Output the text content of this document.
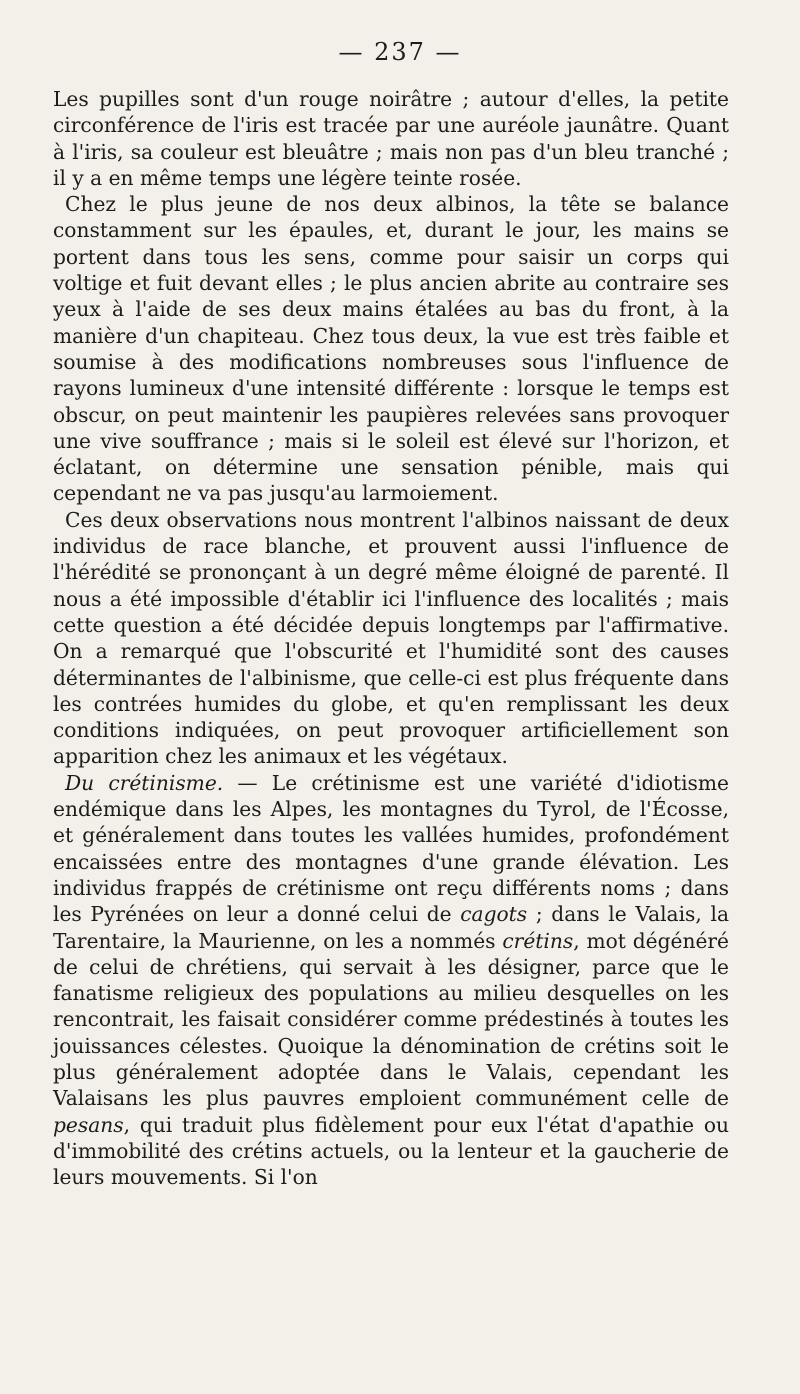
— 237 —

Les pupilles sont d'un rouge noirâtre ; autour d'elles, la petite circonférence de l'iris est tracée par une auréole jaunâtre. Quant à l'iris, sa couleur est bleuâtre ; mais non pas d'un bleu tranché ; il y a en même temps une légère teinte rosée.

Chez le plus jeune de nos deux albinos, la tête se balance constamment sur les épaules, et, durant le jour, les mains se portent dans tous les sens, comme pour saisir un corps qui voltige et fuit devant elles ; le plus ancien abrite au contraire ses yeux à l'aide de ses deux mains étalées au bas du front, à la manière d'un chapiteau. Chez tous deux, la vue est très faible et soumise à des modifications nombreuses sous l'influence de rayons lumineux d'une intensité différente : lorsque le temps est obscur, on peut maintenir les paupières relevées sans provoquer une vive souffrance ; mais si le soleil est élevé sur l'horizon, et éclatant, on détermine une sensation pénible, mais qui cependant ne va pas jusqu'au larmoiement.

Ces deux observations nous montrent l'albinos naissant de deux individus de race blanche, et prouvent aussi l'influence de l'hérédité se prononçant à un degré même éloigné de parenté. Il nous a été impossible d'établir ici l'influence des localités ; mais cette question a été décidée depuis longtemps par l'affirmative. On a remarqué que l'obscurité et l'humidité sont des causes déterminantes de l'albinisme, que celle-ci est plus fréquente dans les contrées humides du globe, et qu'en remplissant les deux conditions indiquées, on peut provoquer artificiellement son apparition chez les animaux et les végétaux.

Du crétinisme. — Le crétinisme est une variété d'idiotisme endémique dans les Alpes, les montagnes du Tyrol, de l'Écosse, et généralement dans toutes les vallées humides, profondément encaissées entre des montagnes d'une grande élévation. Les individus frappés de crétinisme ont reçu différents noms ; dans les Pyrénées on leur a donné celui de cagots ; dans le Valais, la Tarentaire, la Maurienne, on les a nommés crétins, mot dégénéré de celui de chrétiens, qui servait à les désigner, parce que le fanatisme religieux des populations au milieu desquelles on les rencontrait, les faisait considérer comme prédestinés à toutes les jouissances célestes. Quoique la dénomination de crétins soit le plus généralement adoptée dans le Valais, cependant les Valaisans les plus pauvres emploient communément celle de pesans, qui traduit plus fidèlement pour eux l'état d'apathie ou d'immobilité des crétins actuels, ou la lenteur et la gaucherie de leurs mouvements. Si l'on
